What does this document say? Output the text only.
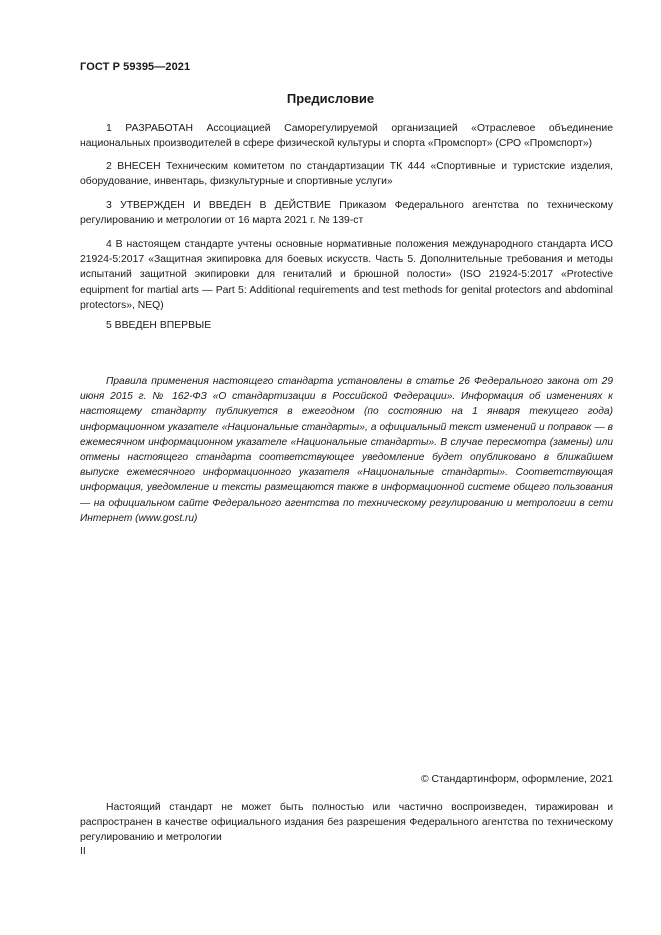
ГОСТ Р 59395—2021
Предисловие
1 РАЗРАБОТАН Ассоциацией Саморегулируемой организацией «Отраслевое объединение национальных производителей в сфере физической культуры и спорта «Промспорт» (СРО «Промспорт»)
2 ВНЕСЕН Техническим комитетом по стандартизации ТК 444 «Спортивные и туристские изделия, оборудование, инвентарь, физкультурные и спортивные услуги»
3 УТВЕРЖДЕН И ВВЕДЕН В ДЕЙСТВИЕ Приказом Федерального агентства по техническому регулированию и метрологии от 16 марта 2021 г. № 139-ст
4 В настоящем стандарте учтены основные нормативные положения международного стандарта ИСО 21924-5:2017 «Защитная экипировка для боевых искусств. Часть 5. Дополнительные требования и методы испытаний защитной экипировки для гениталий и брюшной полости» (ISO 21924-5:2017 «Protective equipment for martial arts — Part 5: Additional requirements and test methods for genital protectors and abdominal protectors», NEQ)
5 ВВЕДЕН ВПЕРВЫЕ
Правила применения настоящего стандарта установлены в статье 26 Федерального закона от 29 июня 2015 г. № 162-ФЗ «О стандартизации в Российской Федерации». Информация об изменениях к настоящему стандарту публикуется в ежегодном (по состоянию на 1 января текущего года) информационном указателе «Национальные стандарты», а официальный текст изменений и поправок — в ежемесячном информационном указателе «Национальные стандарты». В случае пересмотра (замены) или отмены настоящего стандарта соответствующее уведомление будет опубликовано в ближайшем выпуске ежемесячного информационного указателя «Национальные стандарты». Соответствующая информация, уведомление и тексты размещаются также в информационной системе общего пользования — на официальном сайте Федерального агентства по техническому регулированию и метрологии в сети Интернет (www.gost.ru)
© Стандартинформ, оформление, 2021
Настоящий стандарт не может быть полностью или частично воспроизведен, тиражирован и распространен в качестве официального издания без разрешения Федерального агентства по техническому регулированию и метрологии
II
